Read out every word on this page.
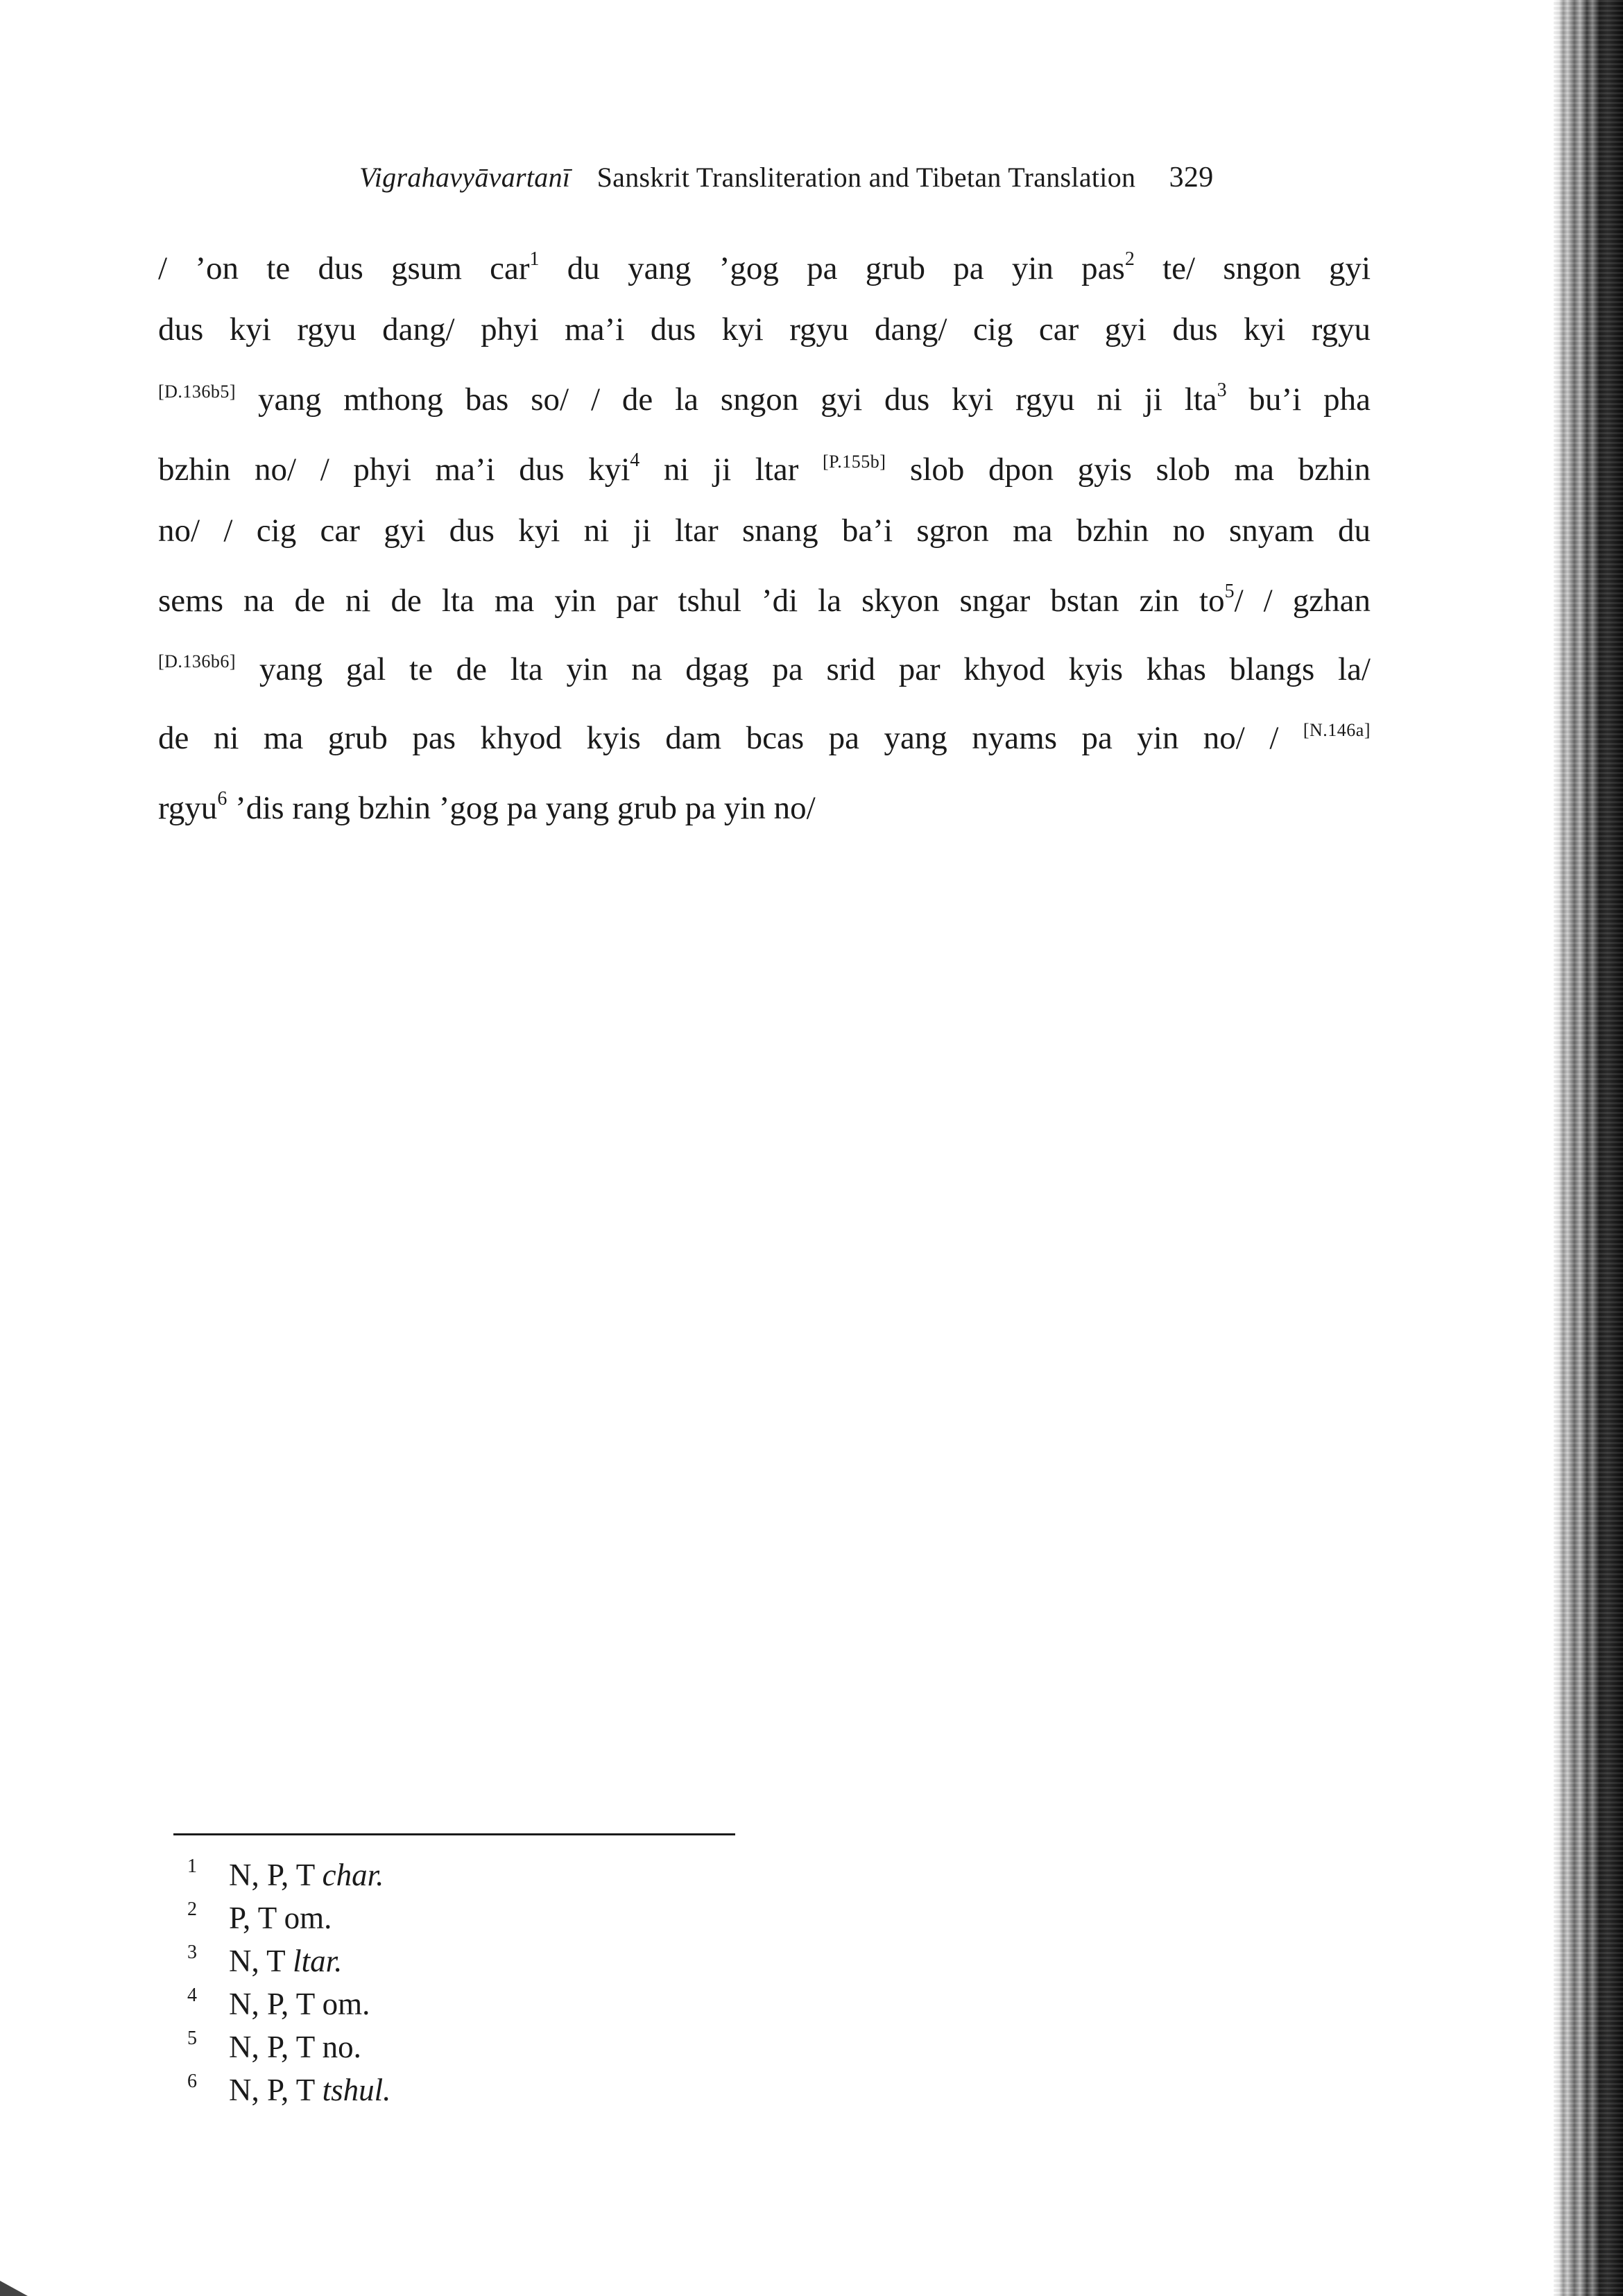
Vigrahavyāvartanī Sanskrit Transliteration and Tibetan Translation 329
/ ’on te dus gsum car$^1$ du yang ’gog pa grub pa yin pas$^2$ te/ sngon gyi
dus kyi rgyu dang/ phyi ma’i dus kyi rgyu dang/ cig car gyi dus kyi rgyu
[D.136b5] yang mthong bas so/ / de la sngon gyi dus kyi rgyu ni ji lta$^3$ bu’i pha
bzhin no/ / phyi ma’i dus kyi$^4$ ni ji ltar [P.155b] slob dpon gyis slob ma bzhin
no/ / cig car gyi dus kyi ni ji ltar snang ba’i sgron ma bzhin no snyam du
sems na de ni de lta ma yin par tshul ’di la skyon sngar bstan zin to$^5$/ / gzhan
[D.136b6] yang gal te de lta yin na dgag pa srid par khyod kyis khas blangs la/
de ni ma grub pas khyod kyis dam bcas pa yang nyams pa yin no/ / [N.146a]
rgyu$^6$ ’dis rang bzhin ’gog pa yang grub pa yin no/
1 N, P, T char.
2 P, T om.
3 N, T ltar.
4 N, P, T om.
5 N, P, T no.
6 N, P, T tshul.
